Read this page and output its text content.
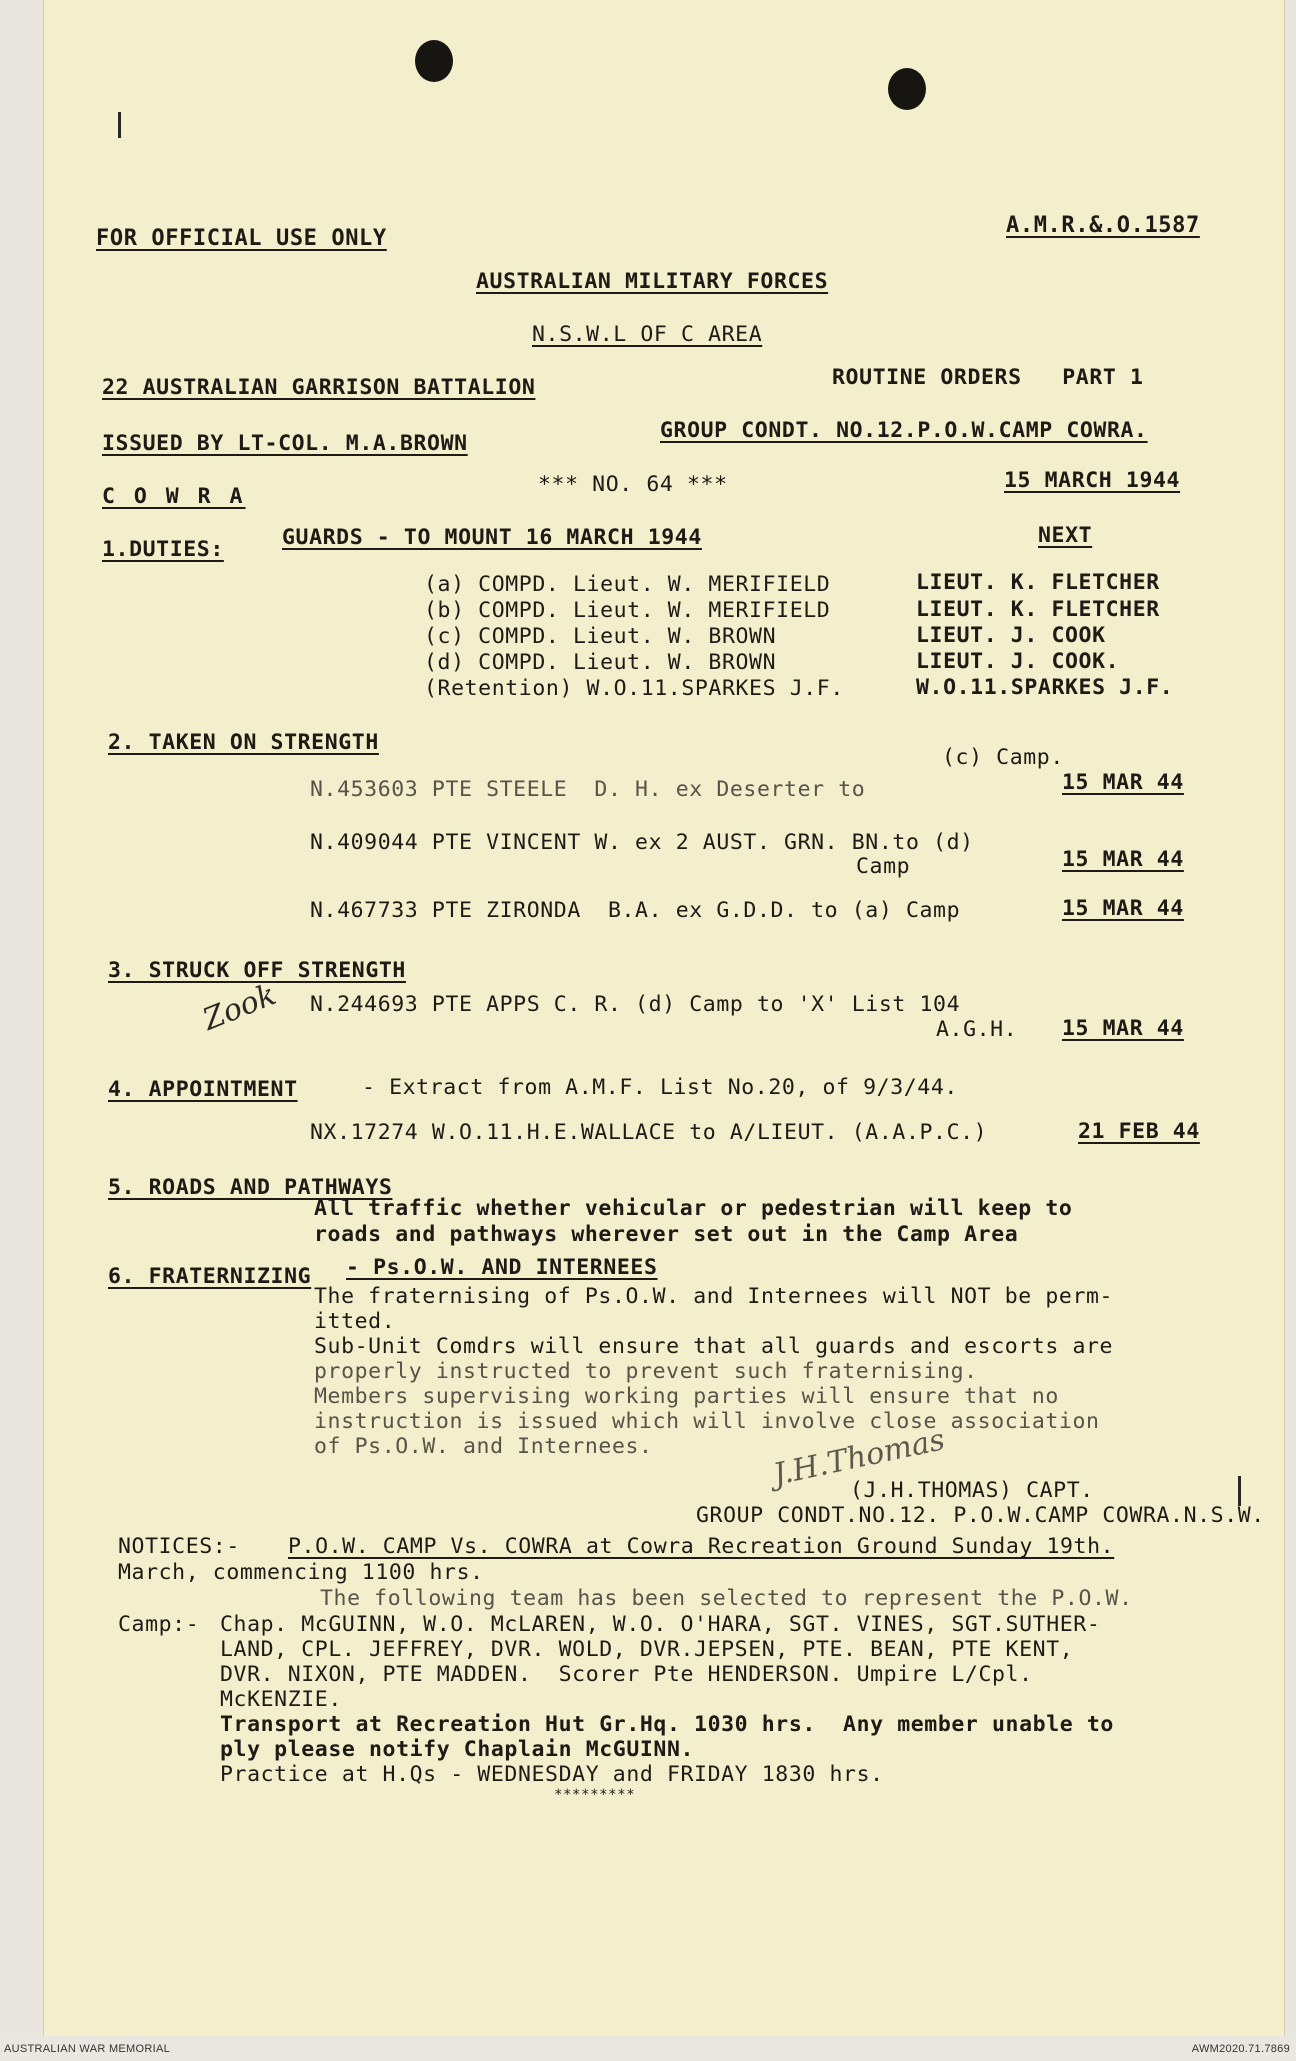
FOR OFFICIAL USE ONLY
A.M.R.&.O.1587
AUSTRALIAN MILITARY FORCES
N.S.W.L OF C AREA
22 AUSTRALIAN GARRISON BATTALION	ROUTINE ORDERS   PART 1
ISSUED BY LT-COL. M.A.BROWN
GROUP CONDT. NO.12.P.O.W.CAMP COWRA.
C O W R A	*** NO. 64 ***	15 MARCH 1944
1.DUTIES:	GUARDS - TO MOUNT 16 MARCH 1944	NEXT
(a) COMPD. Lieut. W. MERIFIELD	LIEUT. K. FLETCHER
(b) COMPD. Lieut. W. MERIFIELD	LIEUT. K. FLETCHER
(c) COMPD. Lieut. W. BROWN	LIEUT. J. COOK
(d) COMPD. Lieut. W. BROWN	LIEUT. J. COOK.
(Retention) W.O.11.SPARKES J.F.	W.O.11.SPARKES J.F.
2. TAKEN ON STRENGTH
(c) Camp.
N.453603 PTE STEELE  D. H. ex Deserter to	15 MAR 44
N.409044 PTE VINCENT W. ex 2 AUST. GRN. BN.to (d)
Camp	15 MAR 44
N.467733 PTE ZIRONDA  B.A. ex G.D.D. to (a) Camp	15 MAR 44
3. STRUCK OFF STRENGTH
Zook N.244693 PTE APPS C. R. (d) Camp to 'X' List 104
A.G.H. 15 MAR 44
4. APPOINTMENT	- Extract from A.M.F. List No.20, of 9/3/44.
NX.17274 W.O.11.H.E.WALLACE to A/LIEUT. (A.A.P.C.)	21 FEB 44
5. ROADS AND PATHWAYS
All traffic whether vehicular or pedestrian will keep to
roads and pathways wherever set out in the Camp Area
6. FRATERNIZING - Ps.O.W. AND INTERNEES
The fraternising of Ps.O.W. and Internees will NOT be perm-
itted.
Sub-Unit Comdrs will ensure that all guards and escorts are
properly instructed to prevent such fraternising.
Members supervising working parties will ensure that no
instruction is issued which will involve close association
of Ps.O.W. and Internees.	J.H.Thomas
(J.H.THOMAS) CAPT.
GROUP CONDT.NO.12. P.O.W.CAMP COWRA.N.S.W.
NOTICES:- P.O.W. CAMP Vs. COWRA at Cowra Recreation Ground Sunday 19th.
March, commencing 1100 hrs.
The following team has been selected to represent the P.O.W.
Camp:- Chap. McGUINN, W.O. McLAREN, W.O. O'HARA, SGT. VINES, SGT.SUTHER-
LAND, CPL. JEFFREY, DVR. WOLD, DVR.JEPSEN, PTE. BEAN, PTE KENT,
DVR. NIXON, PTE MADDEN.  Scorer Pte HENDERSON. Umpire L/Cpl.
McKENZIE.
Transport at Recreation Hut Gr.Hq. 1030 hrs.  Any member unable to
ply please notify Chaplain McGUINN.
Practice at H.Qs - WEDNESDAY and FRIDAY 1830 hrs.
*********
AUSTRALIAN WAR MEMORIAL	AWM2020.71.7869
